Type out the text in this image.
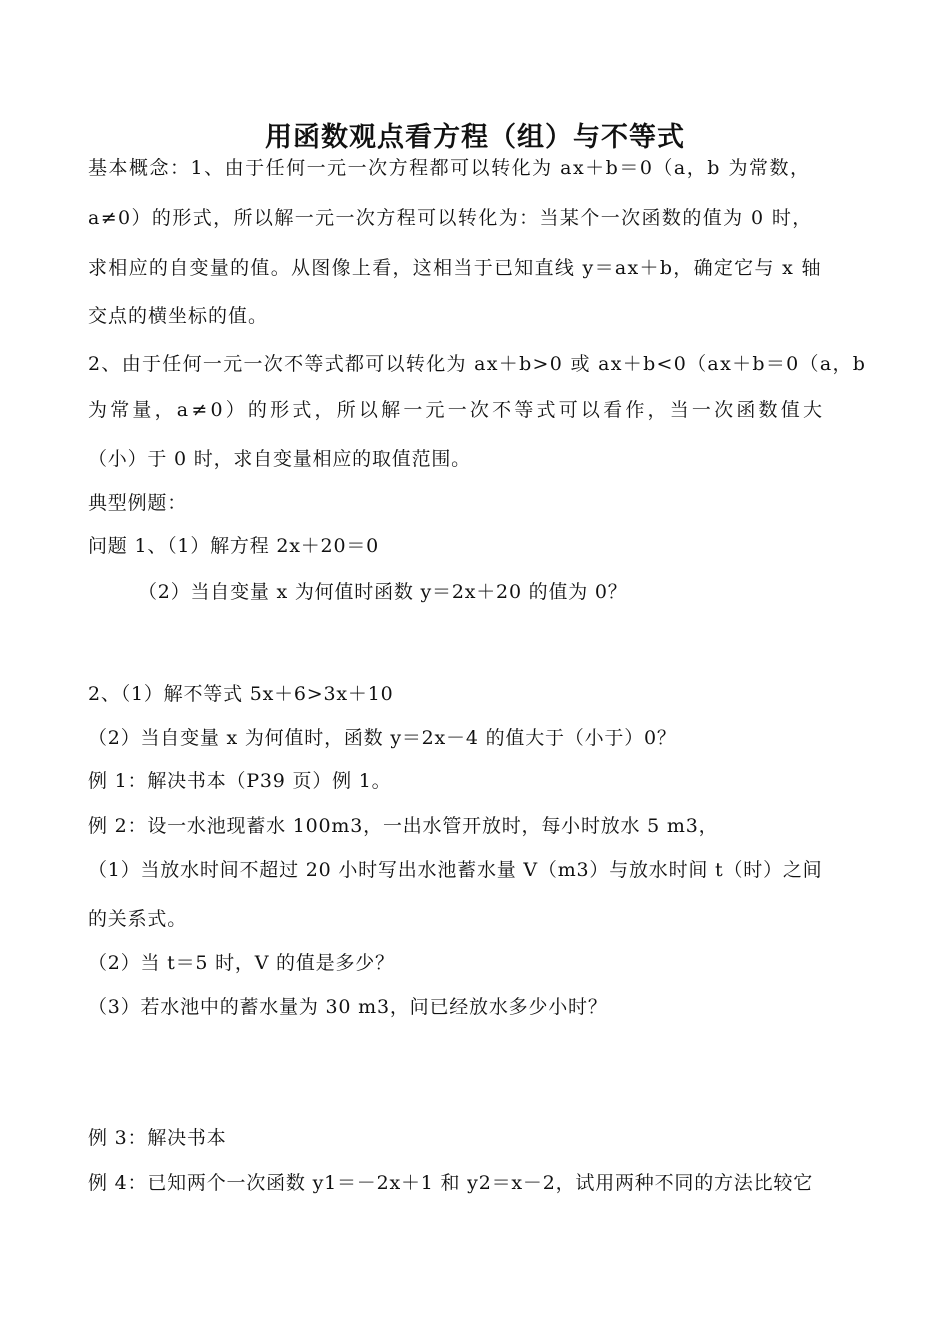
用函数观点看方程（组）与不等式
基本概念：1、由于任何一元一次方程都可以转化为 ax＋b＝0（a，b 为常数，
a≠0）的形式，所以解一元一次方程可以转化为：当某个一次函数的值为 0 时，
求相应的自变量的值。从图像上看，这相当于已知直线 y＝ax＋b，确定它与 x 轴
交点的横坐标的值。
2、由于任何一元一次不等式都可以转化为 ax＋b>0 或 ax＋b<0（ax＋b＝0（a，b
为常量，a≠0）的形式，所以解一元一次不等式可以看作，当一次函数值大
（小）于 0 时，求自变量相应的取值范围。
典型例题：
问题 1、（1）解方程 2x＋20＝0
（2）当自变量 x 为何值时函数 y＝2x＋20 的值为 0？
2、（1）解不等式 5x＋6>3x＋10
（2）当自变量 x 为何值时，函数 y＝2x－4 的值大于（小于）0？
例 1：解决书本（P39 页）例 1。
例 2：设一水池现蓄水 100m3，一出水管开放时，每小时放水 5 m3，
（1）当放水时间不超过 20 小时写出水池蓄水量 V（m3）与放水时间 t（时）之间
的关系式。
（2）当 t＝5 时，V 的值是多少？
（3）若水池中的蓄水量为 30 m3，问已经放水多少小时？
例 3：解决书本
例 4：已知两个一次函数 y1＝－2x＋1 和 y2＝x－2，试用两种不同的方法比较它
